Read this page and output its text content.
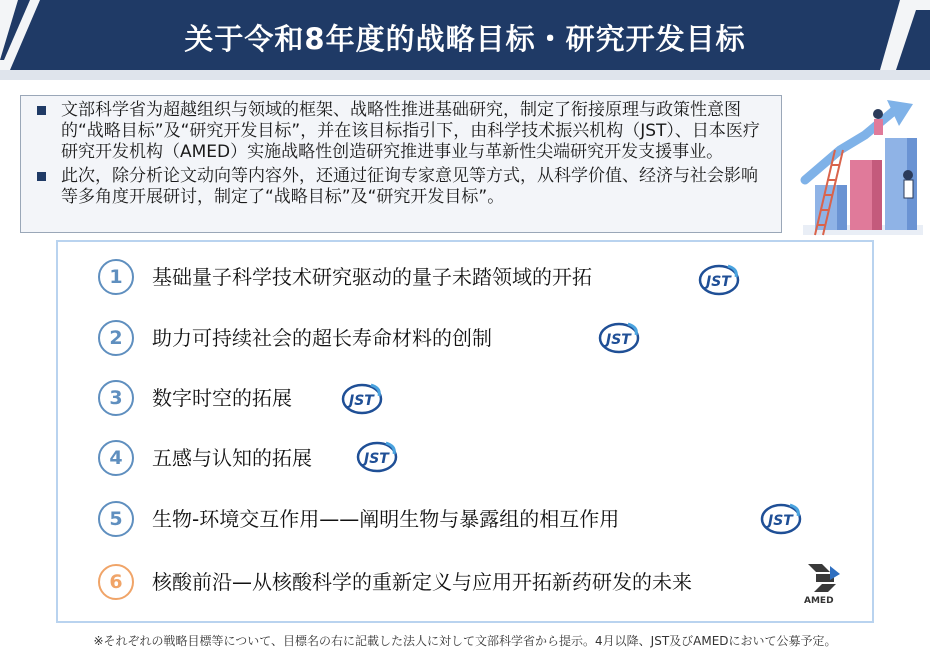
关于令和8年度的战略目标・研究开发目标
文部科学省为超越组织与领域的框架、战略性推进基础研究，制定了衔接原理与政策性意图的“战略目标”及“研究开发目标”，并在该目标指引下，由科学技术振兴机构（JST）、日本医疗研究开发机构（AMED）实施战略性创造研究推进事业与革新性尖端研究开发支援事业。
此次，除分析论文动向等内容外，还通过征询专家意见等方式，从科学价值、经济与社会影响等多角度开展研讨，制定了“战略目标”及“研究开发目标”。
1	基础量子科学技术研究驱动的量子未踏领域的开拓
2	助力可持续社会的超长寿命材料的创制
3	数字时空的拓展
4	五感与认知的拓展
5	生物-环境交互作用——阐明生物与暴露组的相互作用
6	核酸前沿—从核酸科学的重新定义与应用开拓新药研发的未来
JST
JST
JST
JST
JST
AMED
※それぞれの戦略目標等について、目標名の右に記載した法人に対して文部科学省から提示。4月以降、JST及びAMEDにおいて公募予定。
